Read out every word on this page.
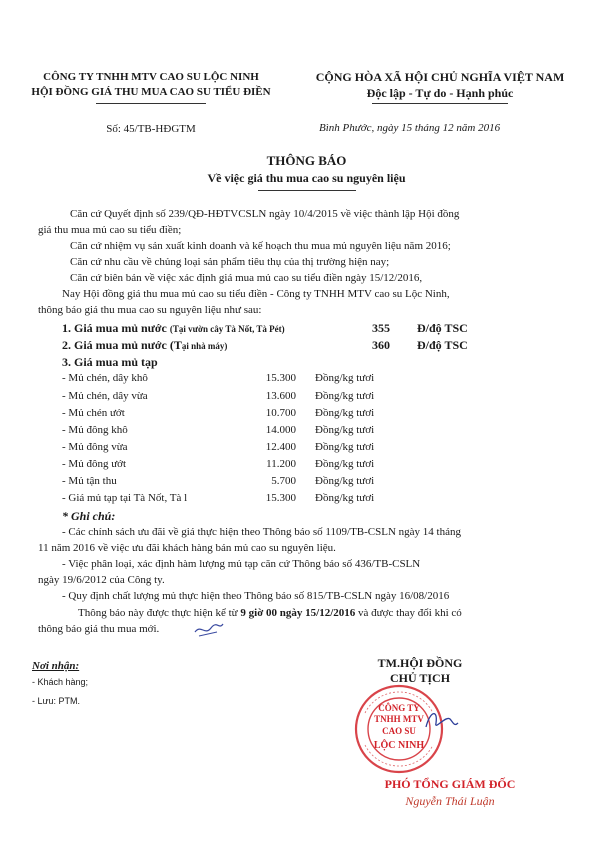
CÔNG TY TNHH MTV CAO SU LỘC NINH
HỘI ĐỒNG GIÁ THU MUA CAO SU TIỂU ĐIỀN
CỘNG HÒA XÃ HỘI CHỦ NGHĨA VIỆT NAM
Độc lập - Tự do - Hạnh phúc
Số: 45/TB-HĐGTM	Bình Phước, ngày 15 tháng 12 năm 2016
THÔNG BÁO
Về việc giá thu mua cao su nguyên liệu
Căn cứ Quyết định số 239/QĐ-HĐTVCSLN ngày 10/4/2015 về việc thành lập Hội đồng
giá thu mua mủ cao su tiểu điền;
Căn cứ nhiệm vụ sản xuất kinh doanh và kế hoạch thu mua mủ nguyên liệu năm 2016;
Căn cứ nhu cầu về chủng loại sản phẩm tiêu thụ của thị trường hiện nay;
Căn cứ biên bản về việc xác định giá mua mủ cao su tiểu điền ngày 15/12/2016,
Nay Hội đồng giá thu mua mủ cao su tiểu điền - Công ty TNHH MTV cao su Lộc Ninh,
thông báo giá thu mua cao su nguyên liệu như sau:
1. Giá mua mủ nước (Tại vườn cây Tà Nốt, Tà Pét)	355 Đ/độ TSC
2. Giá mua mủ nước (Tại nhà máy)	360 Đ/độ TSC
3. Giá mua mủ tạp
- Mủ chén, dây khô	15.300 Đồng/kg tươi
- Mủ chén, dây vừa	13.600 Đồng/kg tươi
- Mủ chén ướt	10.700 Đồng/kg tươi
- Mủ đông khô	14.000 Đồng/kg tươi
- Mủ đông vừa	12.400 Đồng/kg tươi
- Mủ đông ướt	11.200 Đồng/kg tươi
- Mủ tận thu	5.700 Đồng/kg tươi
- Giá mủ tạp tại Tà Nốt, Tà l	15.300 Đồng/kg tươi
* Ghi chú:
- Các chính sách ưu đãi về giá thực hiện theo Thông báo số 1109/TB-CSLN ngày 14 tháng
11 năm 2016 về việc ưu đãi khách hàng bán mủ cao su nguyên liệu.
- Việc phân loại, xác định hàm lượng mủ tạp căn cứ Thông báo số 436/TB-CSLN
ngày 19/6/2012 của Công ty.
- Quy định chất lượng mủ thực hiện theo Thông báo số 815/TB-CSLN ngày 16/08/2016
Thông báo này được thực hiện kể từ 9 giờ 00 ngày 15/12/2016 và được thay đổi khi có
thông báo giá thu mua mới.
Nơi nhận:
- Khách hàng;
- Lưu: PTM.
TM.HỘI ĐỒNG
CHỦ TỊCH
CÔNG TY
TNHH MTV
CAO SU
LỘC NINH
PHÓ TỔNG GIÁM ĐỐC
Nguyễn Thái Luận
